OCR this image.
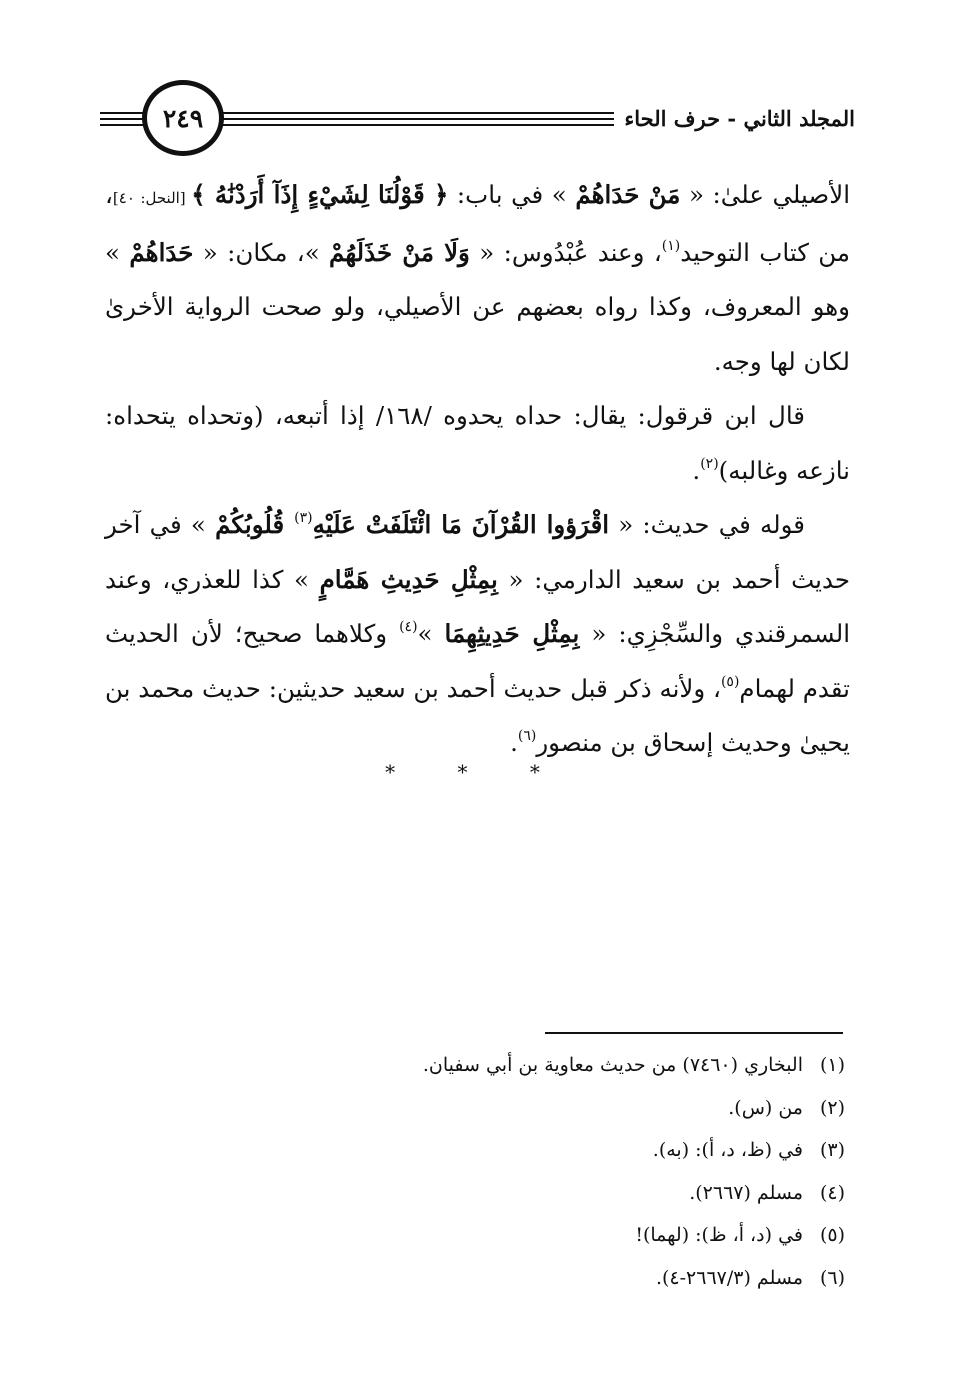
المجلد الثاني - حرف الحاء
٢٤٩

الأصيلي علىٰ: « مَنْ حَدَاهُمْ » في باب: ﴿ قَوْلُنَا لِشَيْءٍ إِذَآ أَرَدْنَٰهُ ﴾ [النحل: ٤٠]، من كتاب التوحيد$^{(١)}$، وعند عُبْدُوس: « وَلَا مَنْ خَذَلَهُمْ »، مكان: « حَدَاهُمْ » وهو المعروف، وكذا رواه بعضهم عن الأصيلي، ولو صحت الرواية الأخرىٰ لكان لها وجه.

قال ابن قرقول: يقال: حداه يحدوه /١٦٨/ إذا أتبعه، (وتحداه يتحداه: نازعه وغالبه)$^{(٢)}$.

قوله في حديث: « اقْرَؤوا القُرْآنَ مَا ائْتَلَفَتْ عَلَيْهِ$^{(٣)}$ قُلُوبُكُمْ » في آخر حديث أحمد بن سعيد الدارمي: « بِمِثْلِ حَدِيثِ هَمَّامٍ » كذا للعذري، وعند السمرقندي والسِّجْزِي: « بِمِثْلِ حَدِيثِهِمَا »$^{(٤)}$ وكلاهما صحيح؛ لأن الحديث تقدم لهمام$^{(٥)}$، ولأنه ذكر قبل حديث أحمد بن سعيد حديثين: حديث محمد بن يحيىٰ وحديث إسحاق بن منصور$^{(٦)}$.

* * *
(١)البخاري (٧٤٦٠) من حديث معاوية بن أبي سفيان.
(٢)من (س).
(٣)في (ظ، د، أ): (به).
(٤)مسلم (٢٦٦٧).
(٥)في (د، أ، ظ): (لهما)!
(٦)مسلم (٢٦٦٧/٣-٤).
